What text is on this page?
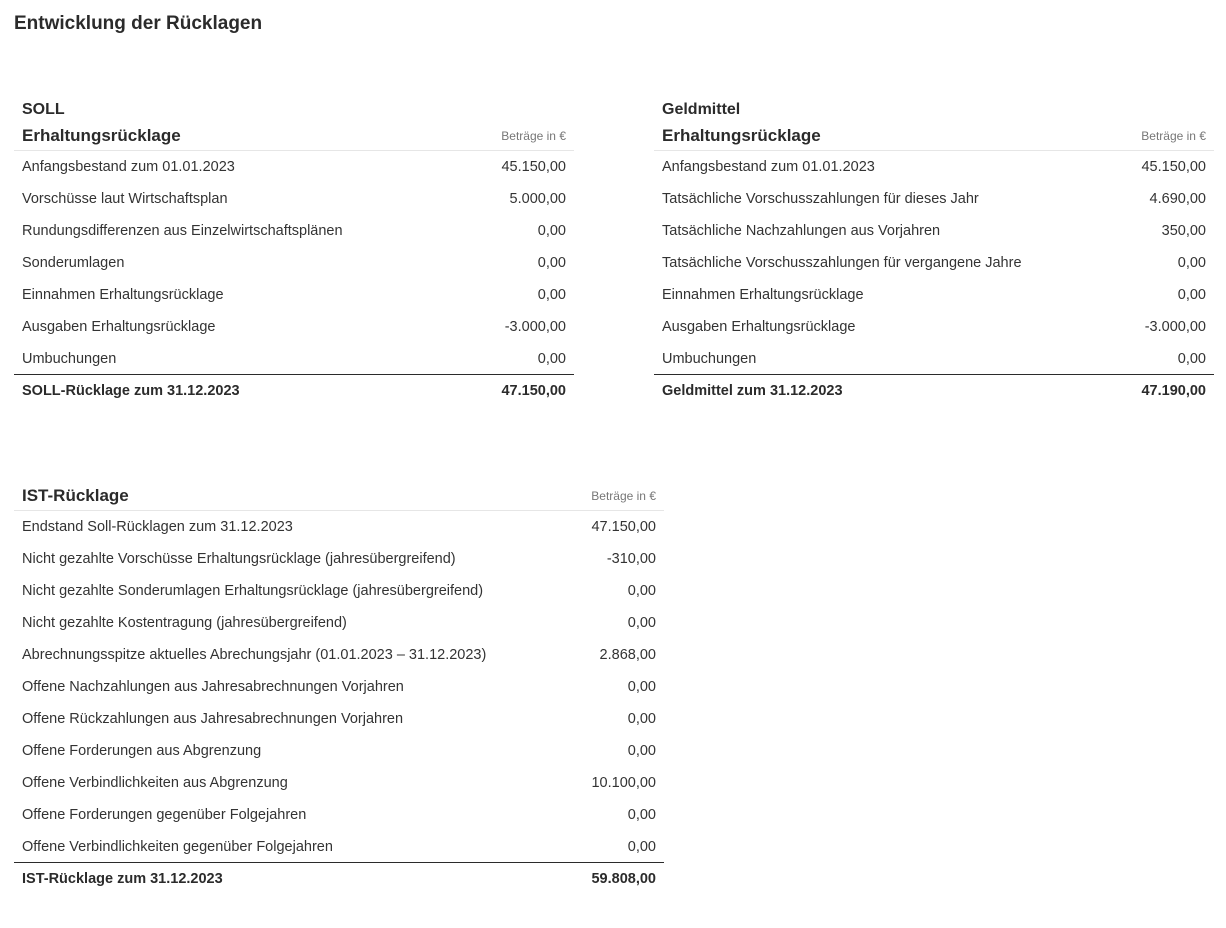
Entwicklung der Rücklagen
SOLL
Erhaltungsrücklage	Beträge in €
Anfangsbestand zum 01.01.2023	45.150,00
Vorschüsse laut Wirtschaftsplan	5.000,00
Rundungsdifferenzen aus Einzelwirtschaftsplänen	0,00
Sonderumlagen	0,00
Einnahmen Erhaltungsrücklage	0,00
Ausgaben Erhaltungsrücklage	-3.000,00
Umbuchungen	0,00
SOLL-Rücklage zum 31.12.2023	47.150,00
Geldmittel
Erhaltungsrücklage	Beträge in €
Anfangsbestand zum 01.01.2023	45.150,00
Tatsächliche Vorschusszahlungen für dieses Jahr	4.690,00
Tatsächliche Nachzahlungen aus Vorjahren	350,00
Tatsächliche Vorschusszahlungen für vergangene Jahre	0,00
Einnahmen Erhaltungsrücklage	0,00
Ausgaben Erhaltungsrücklage	-3.000,00
Umbuchungen	0,00
Geldmittel zum 31.12.2023	47.190,00
IST-Rücklage	Beträge in €
Endstand Soll-Rücklagen zum 31.12.2023	47.150,00
Nicht gezahlte Vorschüsse Erhaltungsrücklage (jahresübergreifend)	-310,00
Nicht gezahlte Sonderumlagen Erhaltungsrücklage (jahresübergreifend)	0,00
Nicht gezahlte Kostentragung (jahresübergreifend)	0,00
Abrechnungsspitze aktuelles Abrechungsjahr (01.01.2023 – 31.12.2023)	2.868,00
Offene Nachzahlungen aus Jahresabrechnungen Vorjahren	0,00
Offene Rückzahlungen aus Jahresabrechnungen Vorjahren	0,00
Offene Forderungen aus Abgrenzung	0,00
Offene Verbindlichkeiten aus Abgrenzung	10.100,00
Offene Forderungen gegenüber Folgejahren	0,00
Offene Verbindlichkeiten gegenüber Folgejahren	0,00
IST-Rücklage zum 31.12.2023	59.808,00
